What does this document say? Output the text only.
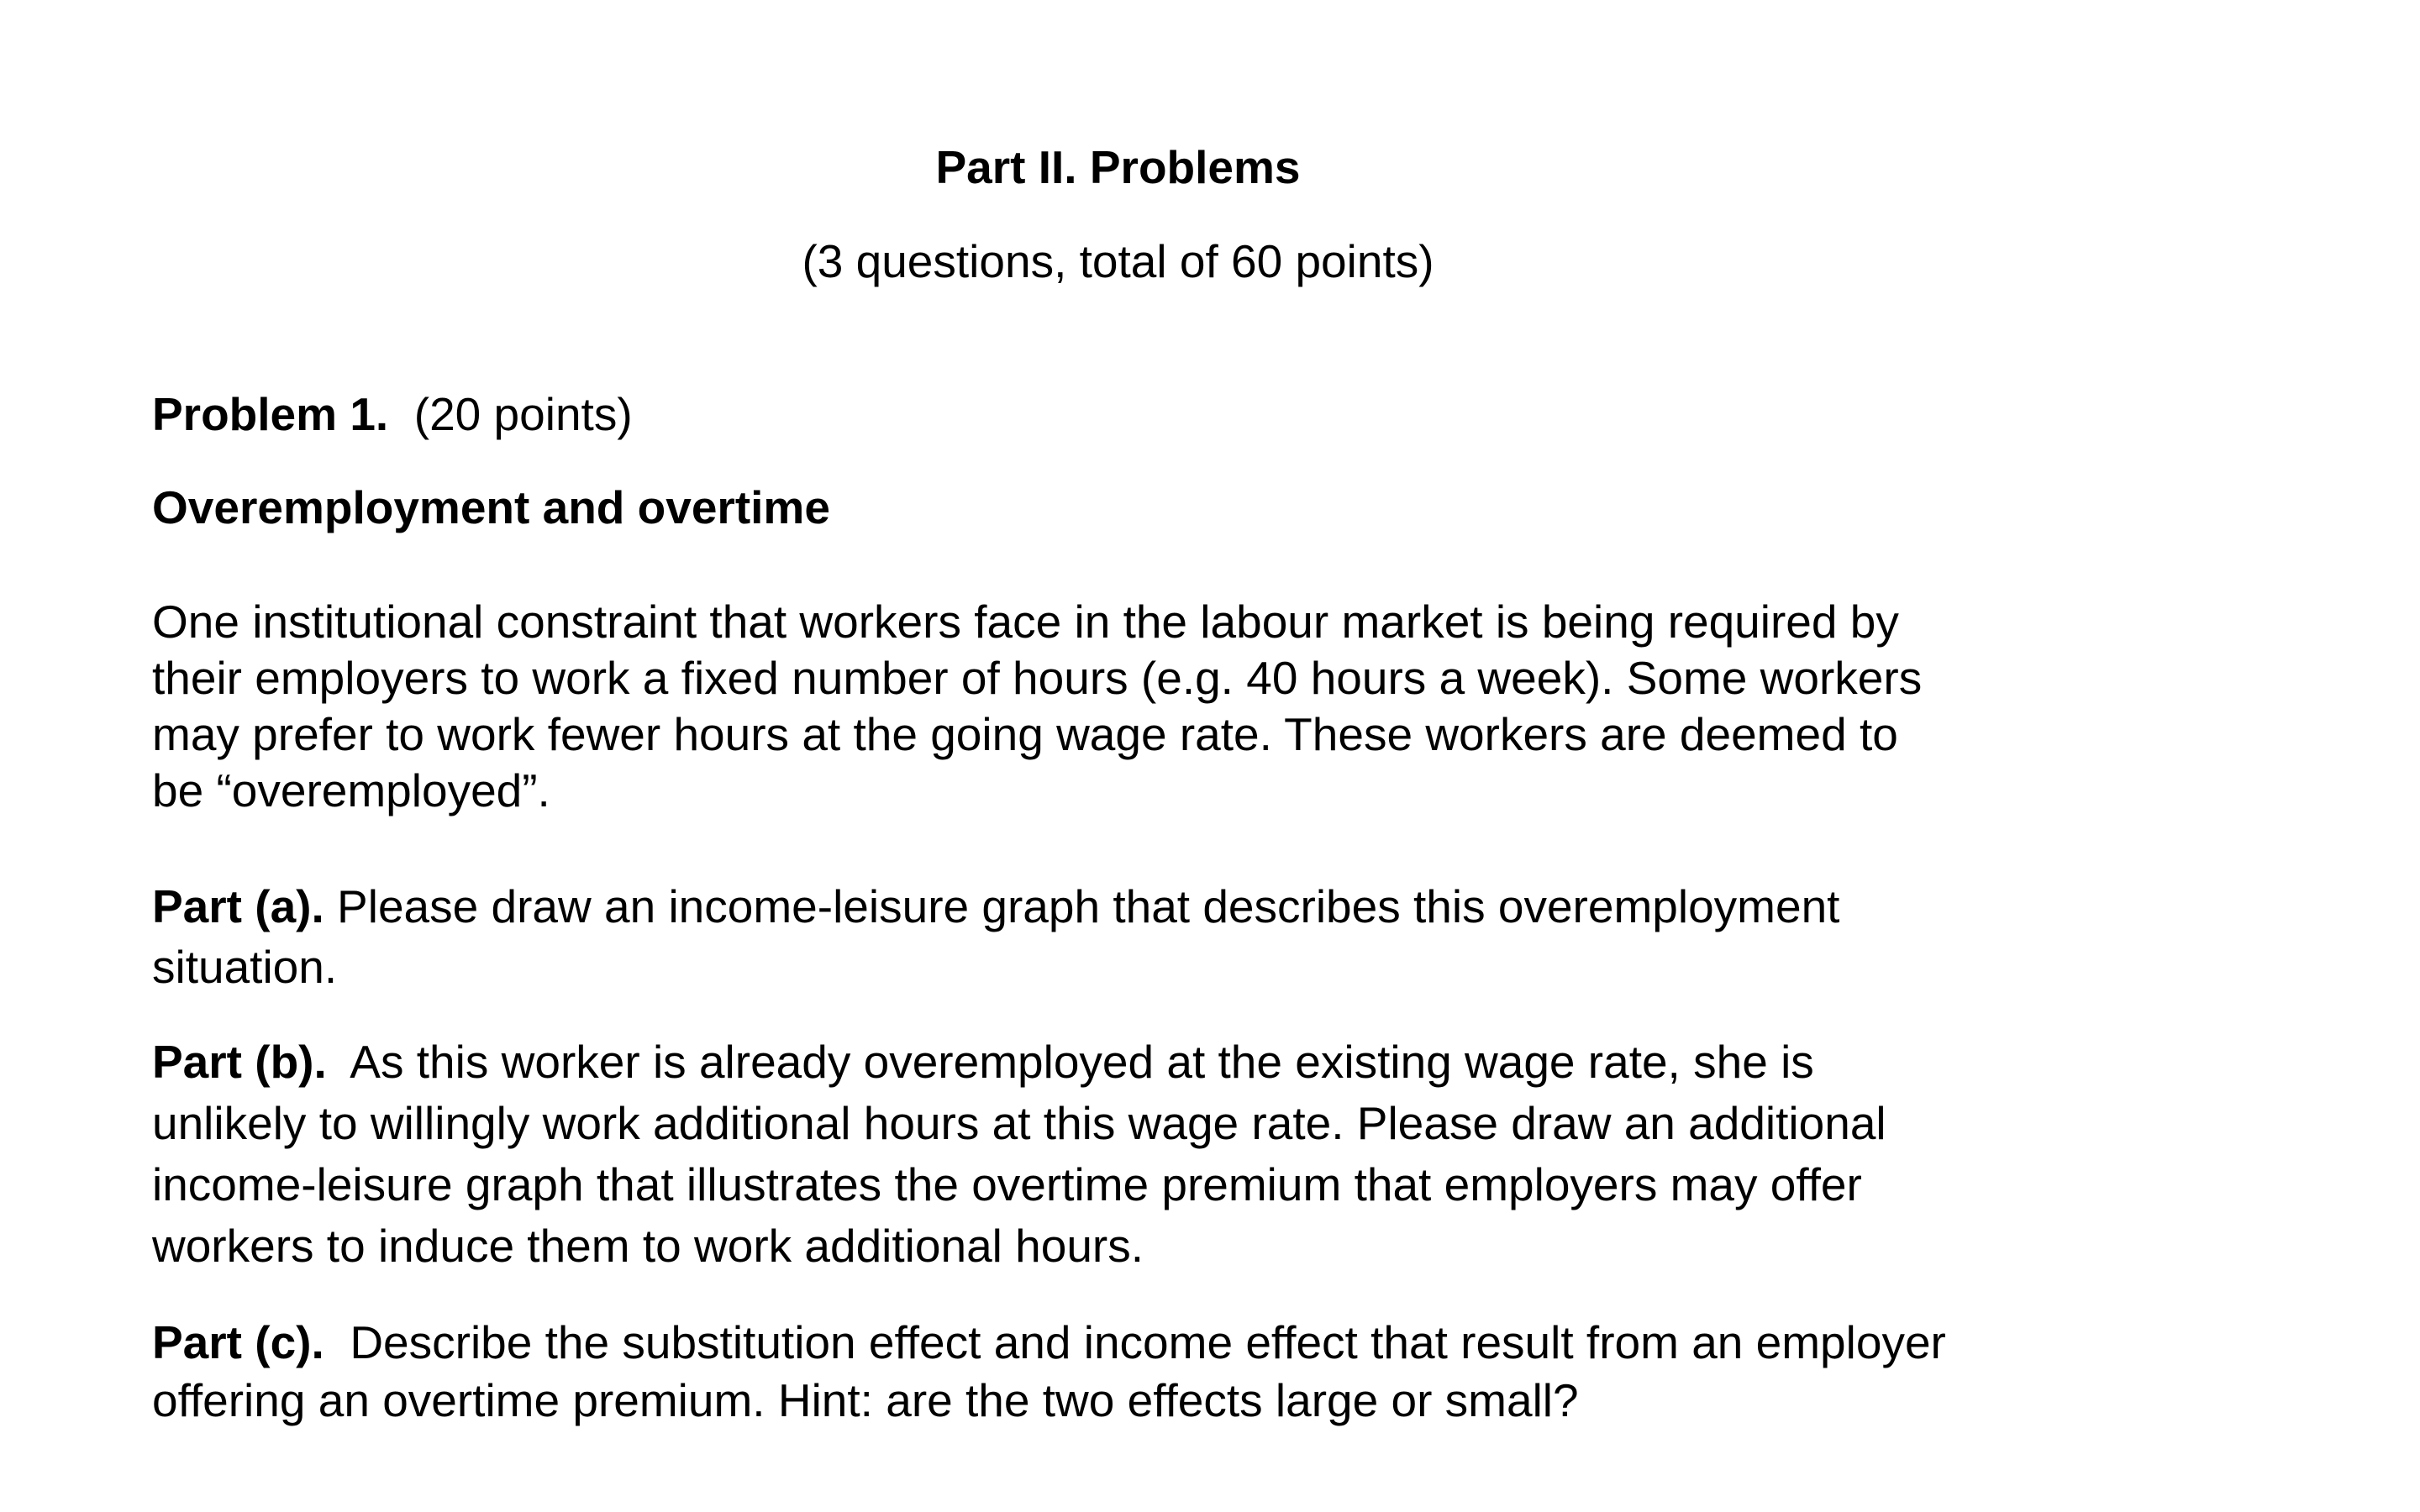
Part II. Problems
(3 questions, total of 60 points)
Problem 1. (20 points)
Overemployment and overtime
One institutional constraint that workers face in the labour market is being required by
their employers to work a fixed number of hours (e.g. 40 hours a week). Some workers
may prefer to work fewer hours at the going wage rate. These workers are deemed to
be “overemployed”.
Part (a). Please draw an income-leisure graph that describes this overemployment
situation.
Part (b).  As this worker is already overemployed at the existing wage rate, she is
unlikely to willingly work additional hours at this wage rate. Please draw an additional
income-leisure graph that illustrates the overtime premium that employers may offer
workers to induce them to work additional hours.
Part (c).  Describe the substitution effect and income effect that result from an employer
offering an overtime premium. Hint: are the two effects large or small?
